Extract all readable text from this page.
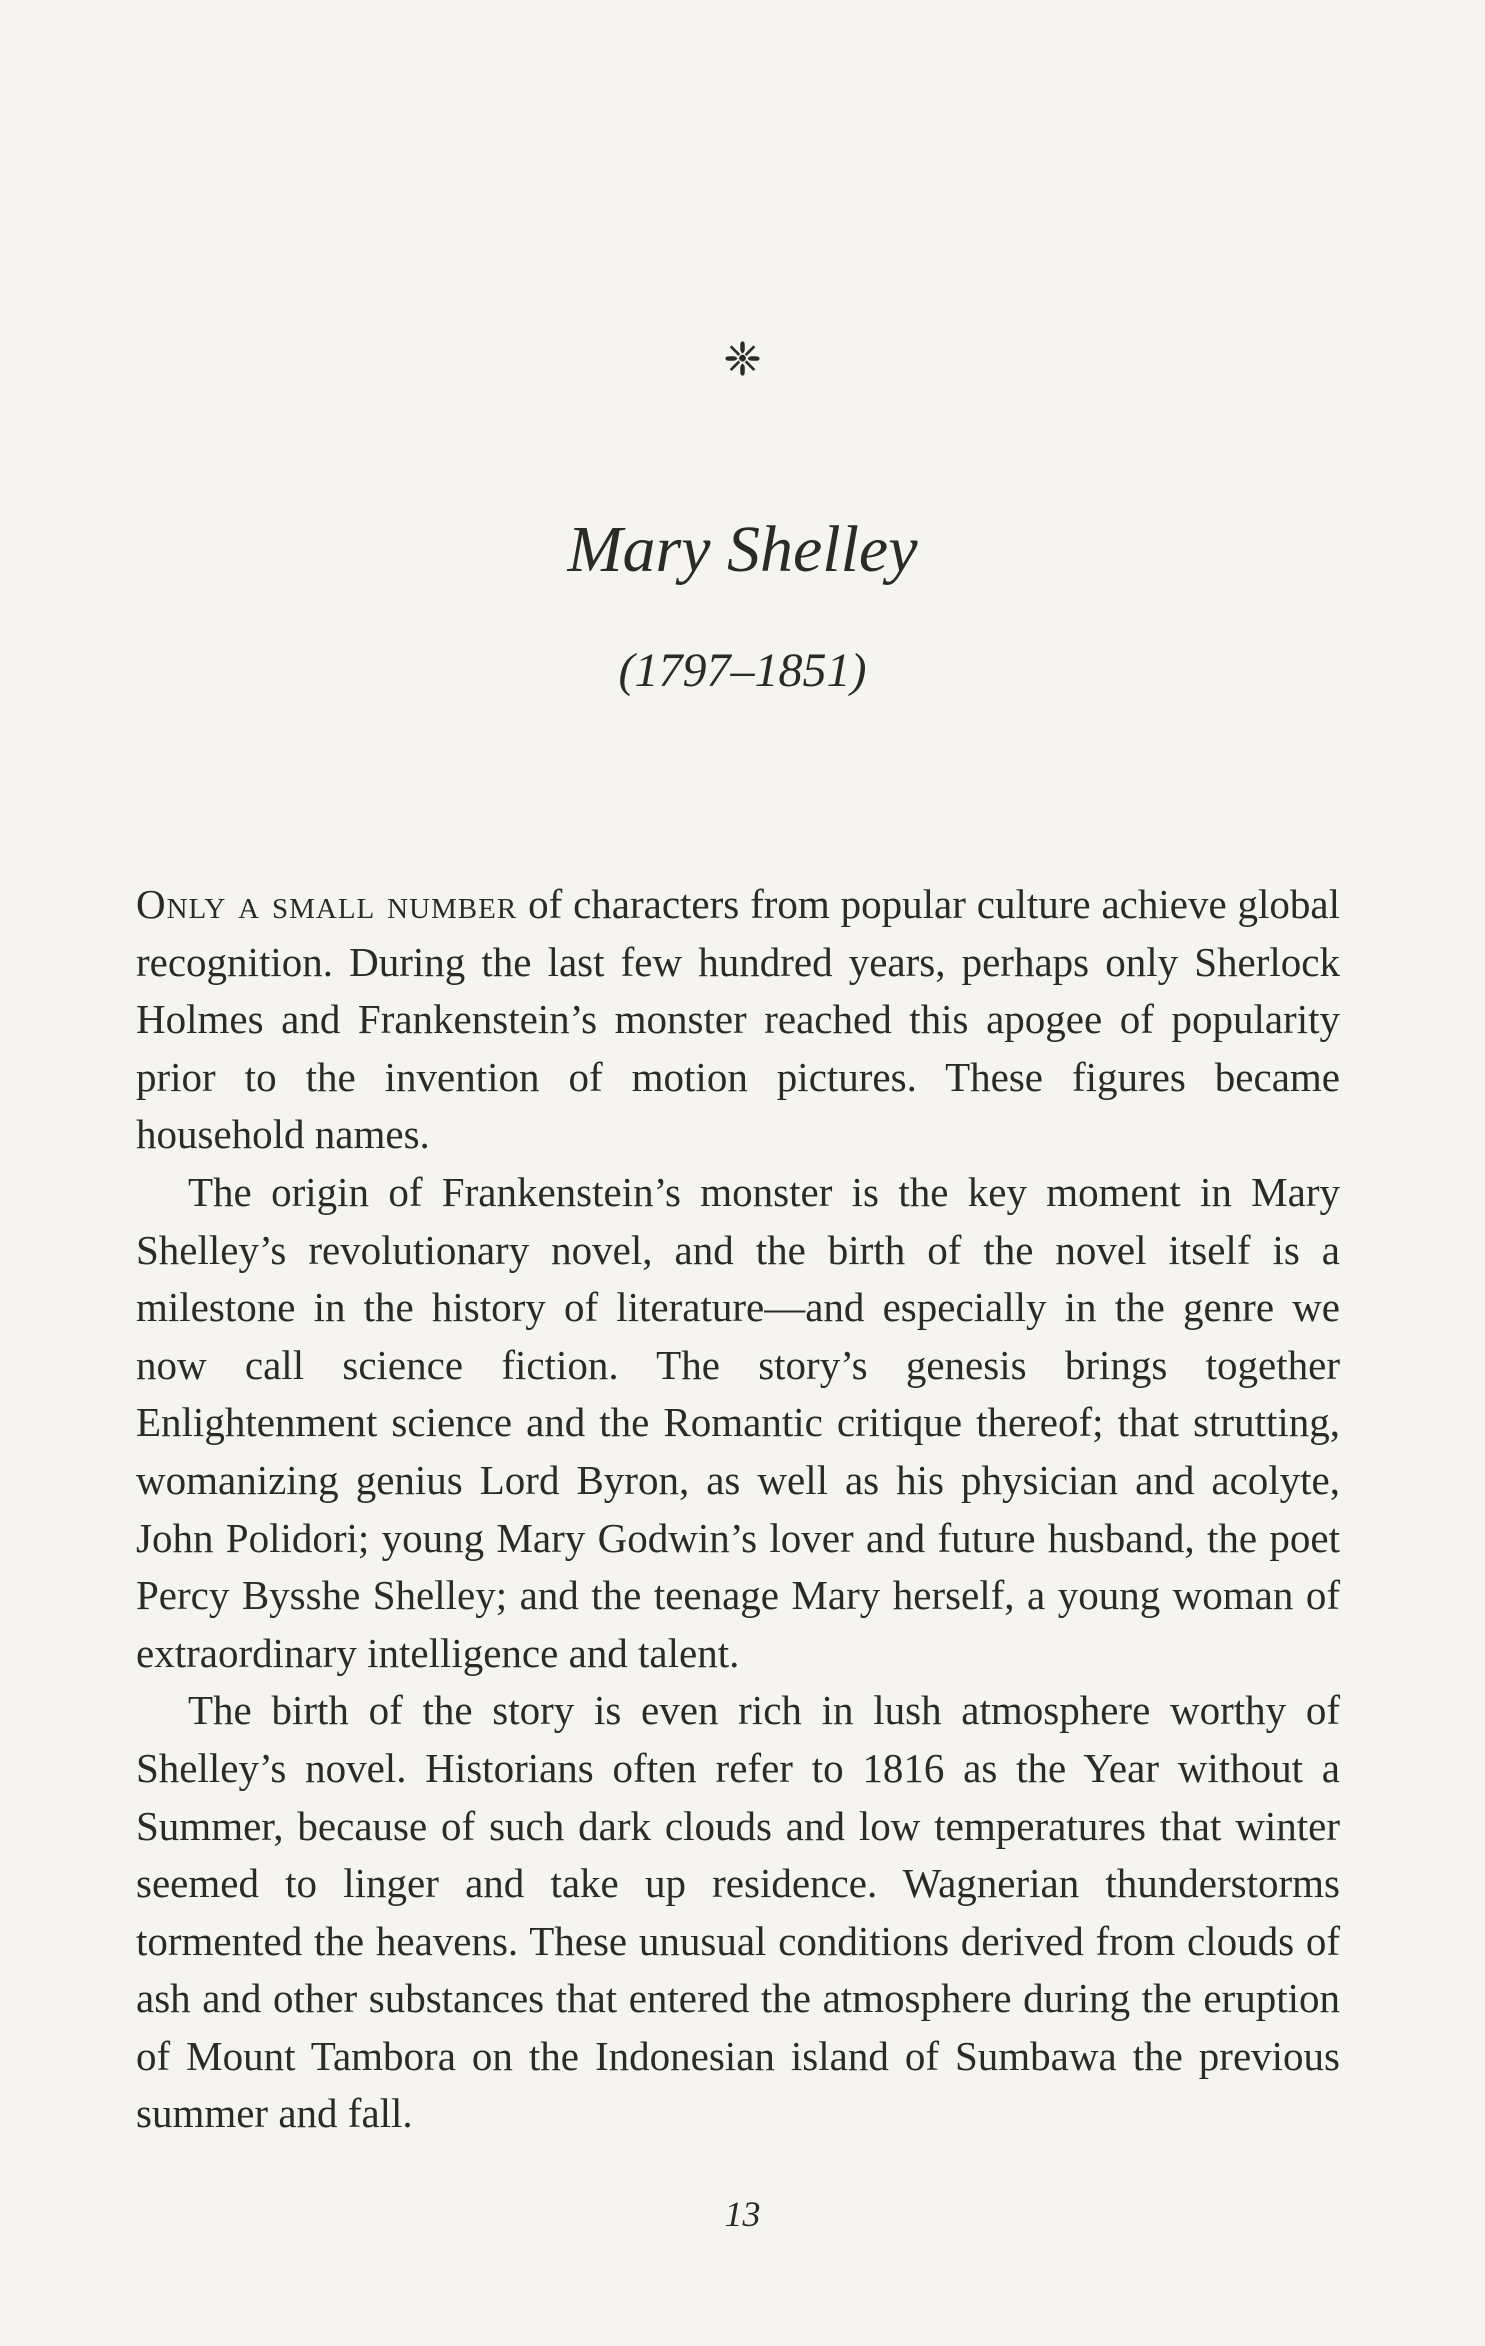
❈
Mary Shelley
(1797–1851)

Only a small number of characters from popular culture achieve global recognition. During the last few hundred years, perhaps only Sherlock Holmes and Frankenstein’s monster reached this apogee of popularity prior to the invention of motion pictures. These figures became household names.

The origin of Frankenstein’s monster is the key moment in Mary Shelley’s revolutionary novel, and the birth of the novel itself is a milestone in the history of literature—and especially in the genre we now call science fiction. The story’s genesis brings together Enlightenment science and the Romantic critique thereof; that strutting, womanizing genius Lord Byron, as well as his physician and acolyte, John Polidori; young Mary Godwin’s lover and future husband, the poet Percy Bysshe Shelley; and the teenage Mary herself, a young woman of extraordinary intelligence and talent.

The birth of the story is even rich in lush atmosphere worthy of Shelley’s novel. Historians often refer to 1816 as the Year without a Summer, because of such dark clouds and low temperatures that winter seemed to linger and take up residence. Wagnerian thunderstorms tormented the heavens. These unusual conditions derived from clouds of ash and other substances that entered the atmosphere during the eruption of Mount Tambora on the Indonesian island of Sumbawa the previous summer and fall.

13
